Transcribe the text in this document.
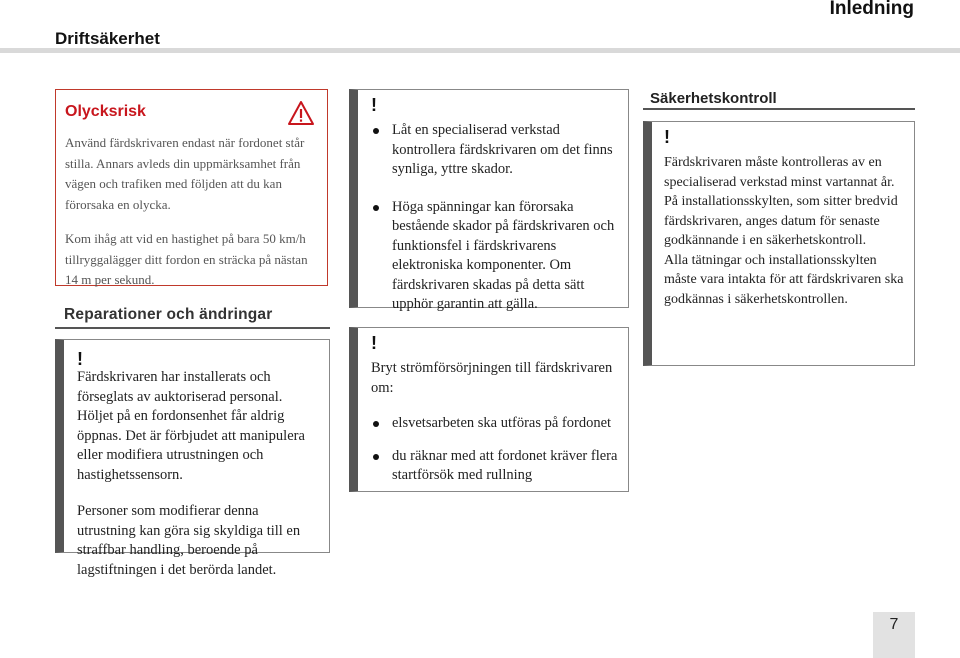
Inledning
Driftsäkerhet
Olycksrisk

Använd färdskrivaren endast när fordonet står stilla. Annars avleds din uppmärksamhet från vägen och trafiken med följden att du kan förorsaka en olycka.

Kom ihåg att vid en hastighet på bara 50 km/h tillryggalägger ditt fordon en sträcka på nästan 14 m per sekund.

Reparationer och ändringar
!

Färdskrivaren har installerats och förseglats av auktoriserad personal. Höljet på en fordonsenhet får aldrig öppnas. Det är förbjudet att manipulera eller modifiera utrustningen och hastighetssensorn.

Personer som modifierar denna utrustning kan göra sig skyldiga till en straffbar handling, beroende på lagstiftningen i det berörda landet.

!
Låt en specialiserad verkstad kontrollera färdskrivaren om det finns synliga, yttre skador.
Höga spänningar kan förorsaka bestående skador på färdskrivaren och funktionsfel i färdskrivarens elektroniska komponenter. Om färdskrivaren skadas på detta sätt upphör garantin att gälla.
!

Bryt strömförsörjningen till färdskrivaren om:

elsvetsarbeten ska utföras på fordonet
du räknar med att fordonet kräver flera startförsök med rullning
Säkerhetskontroll
!

Färdskrivaren måste kontrolleras av en specialiserad verkstad minst vartannat år.

På installationsskylten, som sitter bredvid färdskrivaren, anges datum för senaste godkännande i en säkerhetskontroll.

Alla tätningar och installationsskylten måste vara intakta för att färdskrivaren ska godkännas i säkerhetskontrollen.

7
